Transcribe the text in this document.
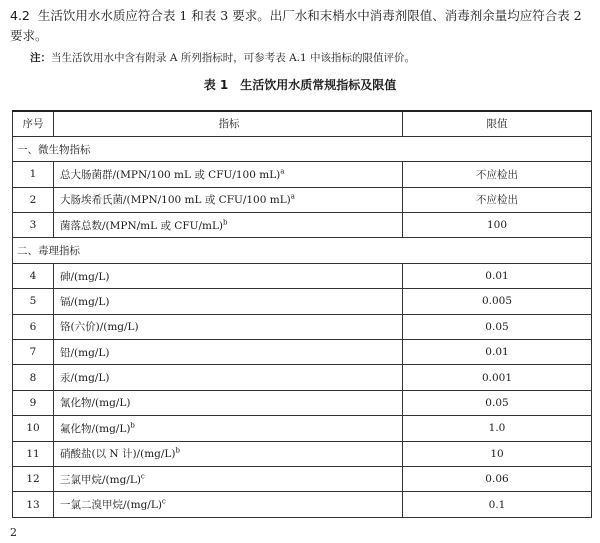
4.2 生活饮用水水质应符合表 1 和表 3 要求。出厂水和末梢水中消毒剂限值、消毒剂余量均应符合表 2要求。

注：当生活饮用水中含有附录 A 所列指标时，可参考表 A.1 中该指标的限值评价。

表 1　生活饮用水质常规指标及限值

序号	指标	限值
一、微生物指标		
1	总大肠菌群/(MPN/100 mL 或 CFU/100 mL)$^a$	不应检出
2	大肠埃希氏菌/(MPN/100 mL 或 CFU/100 mL)$^a$	不应检出
3	菌落总数/(MPN/mL 或 CFU/mL)$^b$	100
二、毒理指标		
4	砷/(mg/L)	0.01
5	镉/(mg/L)	0.005
6	铬(六价)/(mg/L)	0.05
7	铅/(mg/L)	0.01
8	汞/(mg/L)	0.001
9	氰化物/(mg/L)	0.05
10	氟化物$/(mg/L)^b$	1.0
11	硝酸盐(以 N 计)$/(mg/L)^b$	10
12	三氯甲烷$/(mg/L)^c$	0.06
13	一氯二溴甲烷$/(mg/L)^c$	0.1

2
